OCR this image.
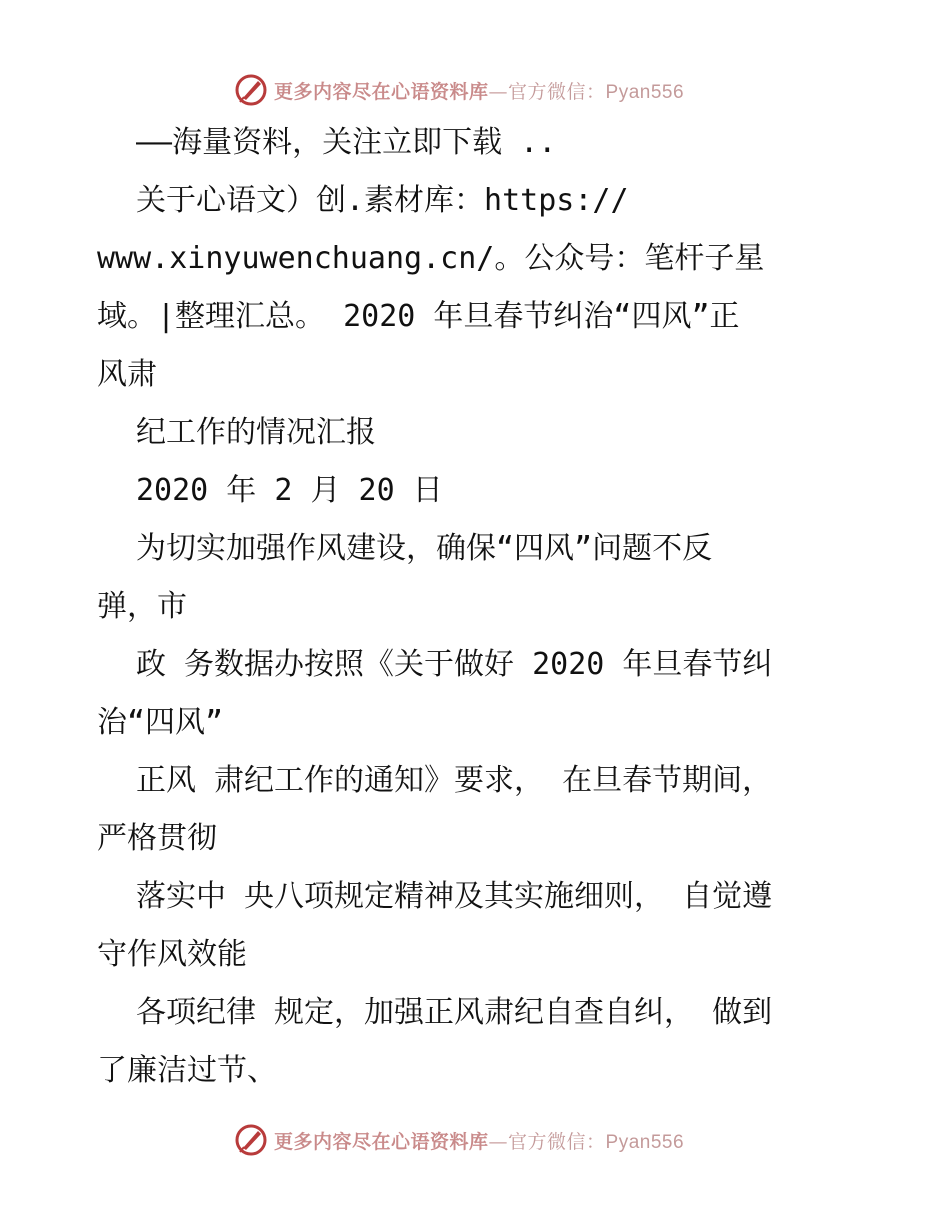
更多内容尽在心语资料库—官方微信：Pyan556
——海量资料，关注立即下载 ..
关于心语文）创.素材库：https://
www.xinyuwenchuang.cn/。公众号：笔杆子星
域。|整理汇总。 2020 年旦春节纠治“四风”正
风肃
纪工作的情况汇报
2020 年 2 月 20 日
为切实加强作风建设，确保“四风”问题不反
弹，市
政 务数据办按照《关于做好 2020 年旦春节纠
治“四风”
正风 肃纪工作的通知》要求， 在旦春节期间，
严格贯彻
落实中 央八项规定精神及其实施细则， 自觉遵
守作风效能
各项纪律 规定，加强正风肃纪自查自纠， 做到
了廉洁过节、
更多内容尽在心语资料库—官方微信：Pyan556
